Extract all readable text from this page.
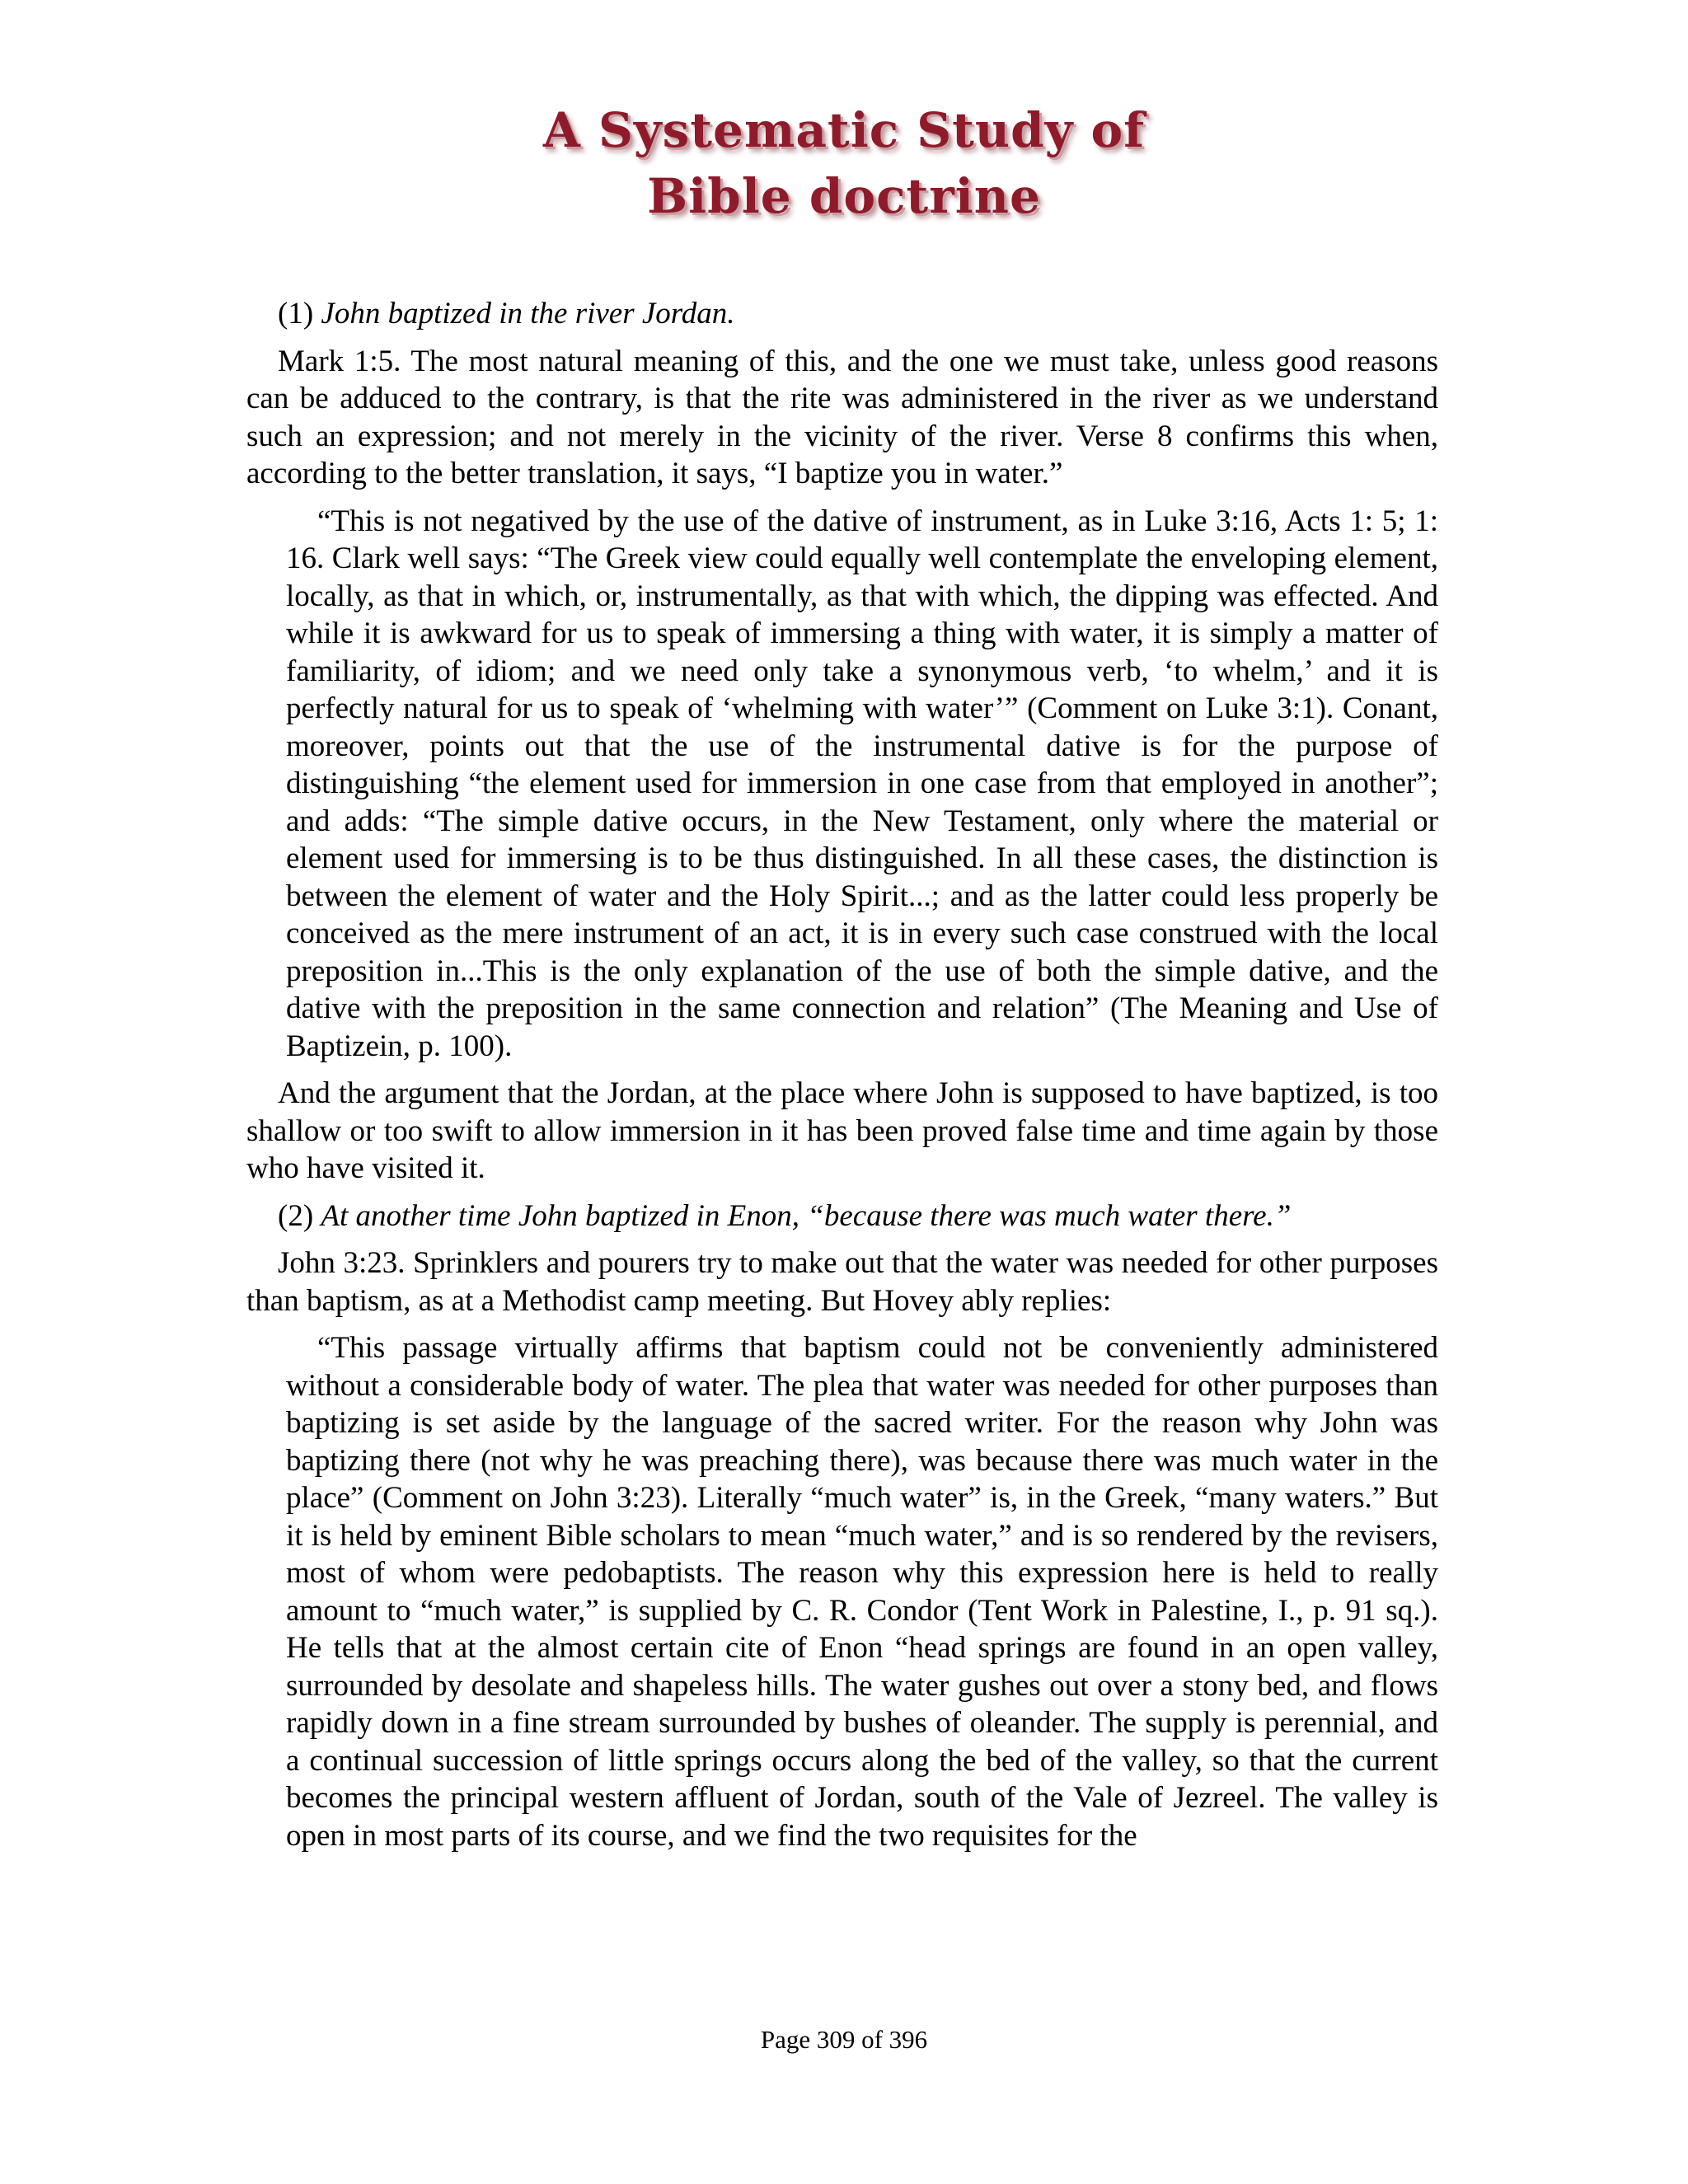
A Systematic Study of
Bible doctrine

(1) John baptized in the river Jordan.

Mark 1:5. The most natural meaning of this, and the one we must take, unless good reasons can be adduced to the contrary, is that the rite was administered in the river as we understand such an expression; and not merely in the vicinity of the river. Verse 8 confirms this when, according to the better translation, it says, “I baptize you in water.”

“This is not negatived by the use of the dative of instrument, as in Luke 3:16, Acts 1: 5; 1: 16. Clark well says: “The Greek view could equally well contemplate the enveloping element, locally, as that in which, or, instrumentally, as that with which, the dipping was effected. And while it is awkward for us to speak of immersing a thing with water, it is simply a matter of familiarity, of idiom; and we need only take a synonymous verb, ‘to whelm,’ and it is perfectly natural for us to speak of ‘whelming with water’” (Comment on Luke 3:1). Conant, moreover, points out that the use of the instrumental dative is for the purpose of distinguishing “the element used for immersion in one case from that employed in another”; and adds: “The simple dative occurs, in the New Testament, only where the material or element used for immersing is to be thus distinguished. In all these cases, the distinction is between the element of water and the Holy Spirit...; and as the latter could less properly be conceived as the mere instrument of an act, it is in every such case construed with the local preposition in...This is the only explanation of the use of both the simple dative, and the dative with the preposition in the same connection and relation” (The Meaning and Use of Baptizein, p. 100).

And the argument that the Jordan, at the place where John is supposed to have baptized, is too shallow or too swift to allow immersion in it has been proved false time and time again by those who have visited it.

(2) At another time John baptized in Enon, “because there was much water there.”

John 3:23. Sprinklers and pourers try to make out that the water was needed for other purposes than baptism, as at a Methodist camp meeting. But Hovey ably replies:

“This passage virtually affirms that baptism could not be conveniently administered without a considerable body of water. The plea that water was needed for other purposes than baptizing is set aside by the language of the sacred writer. For the reason why John was baptizing there (not why he was preaching there), was because there was much water in the place” (Comment on John 3:23). Literally “much water” is, in the Greek, “many waters.” But it is held by eminent Bible scholars to mean “much water,” and is so rendered by the revisers, most of whom were pedobaptists. The reason why this expression here is held to really amount to “much water,” is supplied by C. R. Condor (Tent Work in Palestine, I., p. 91 sq.). He tells that at the almost certain cite of Enon “head springs are found in an open valley, surrounded by desolate and shapeless hills. The water gushes out over a stony bed, and flows rapidly down in a fine stream surrounded by bushes of oleander. The supply is perennial, and a continual succession of little springs occurs along the bed of the valley, so that the current becomes the principal western affluent of Jordan, south of the Vale of Jezreel. The valley is open in most parts of its course, and we find the two requisites for the

Page 309 of 396
